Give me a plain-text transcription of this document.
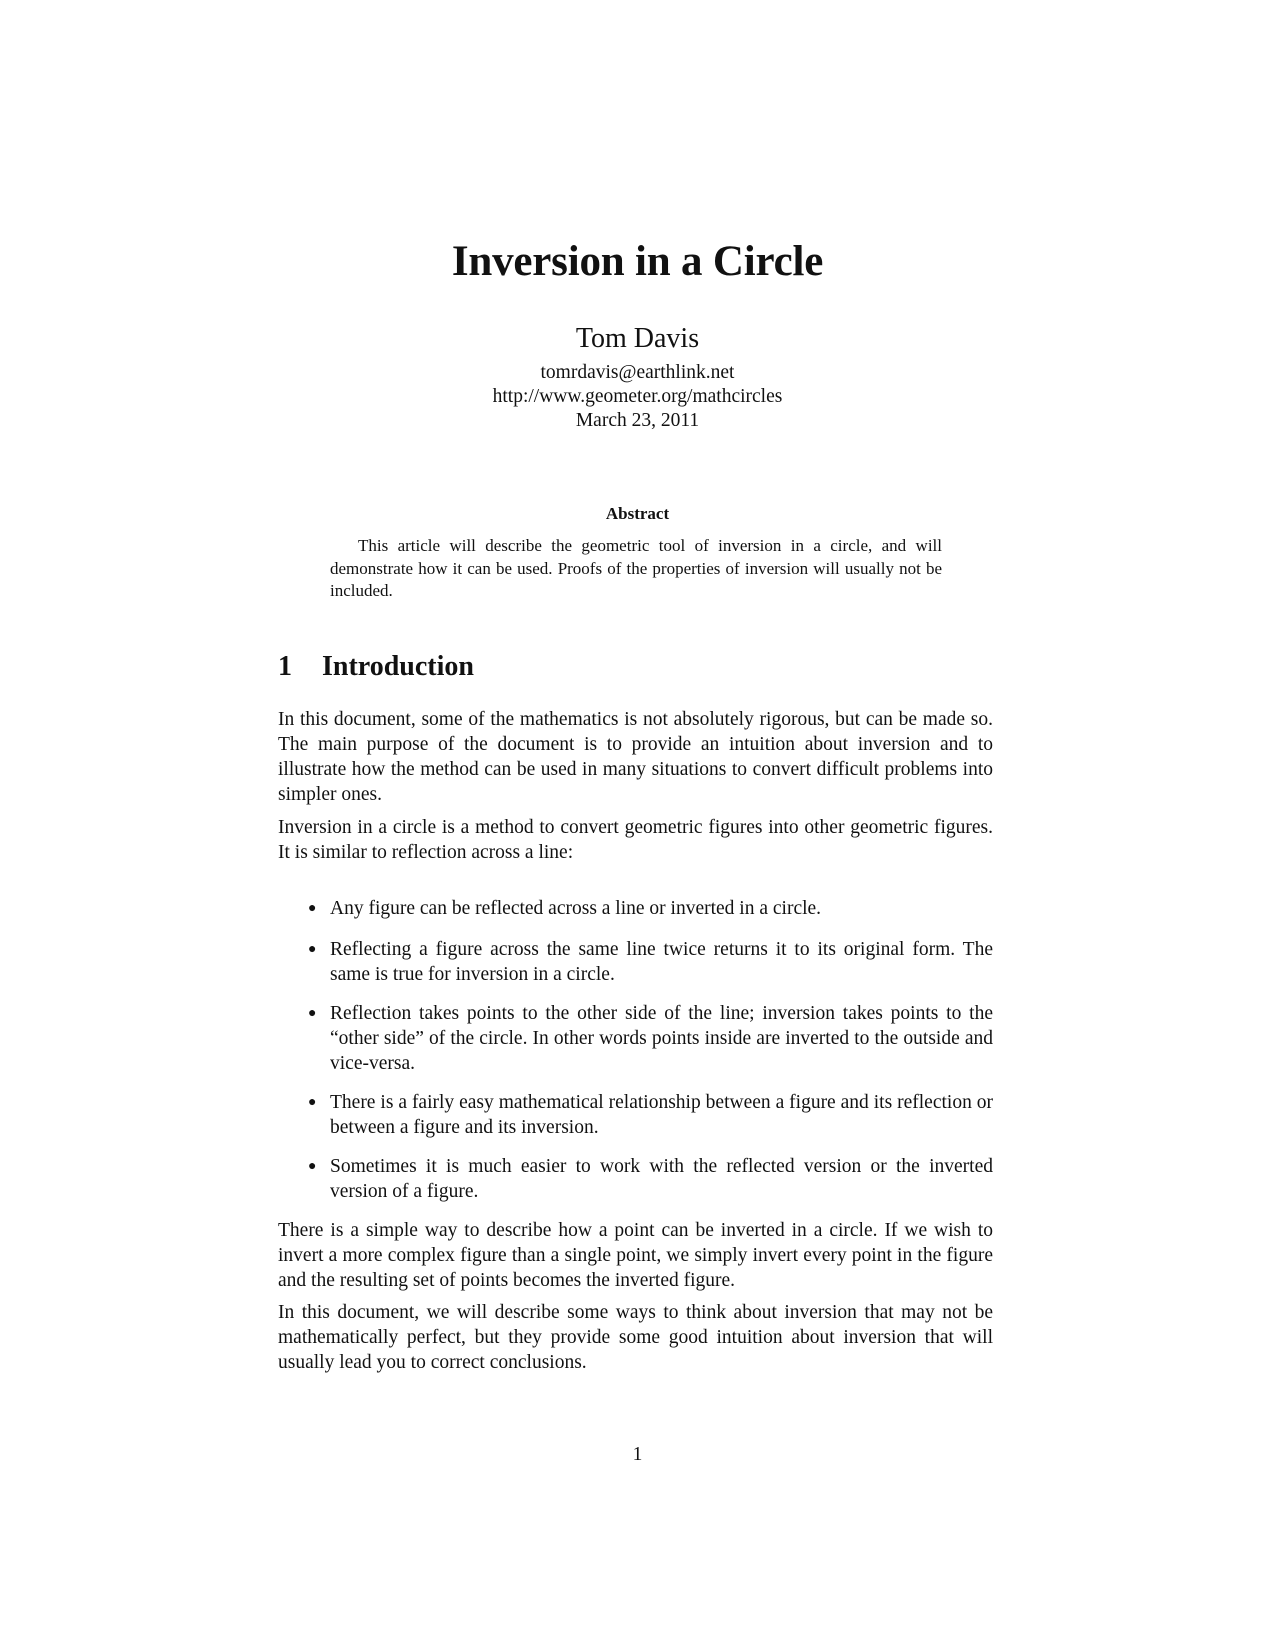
Inversion in a Circle
Tom Davis
tomrdavis@earthlink.net
http://www.geometer.org/mathcircles
March 23, 2011
Abstract
This article will describe the geometric tool of inversion in a circle, and will demonstrate how it can be used. Proofs of the properties of inversion will usually not be included.
1 Introduction

In this document, some of the mathematics is not absolutely rigorous, but can be made so. The main purpose of the document is to provide an intuition about inversion and to illustrate how the method can be used in many situations to convert difficult problems into simpler ones.

Inversion in a circle is a method to convert geometric figures into other geometric figures. It is similar to reflection across a line:

● Any figure can be reflected across a line or inverted in a circle.
● Reflecting a figure across the same line twice returns it to its original form. The same is true for inversion in a circle.
● Reflection takes points to the other side of the line; inversion takes points to the “other side” of the circle. In other words points inside are inverted to the outside and vice-versa.
● There is a fairly easy mathematical relationship between a figure and its reflection or between a figure and its inversion.
● Sometimes it is much easier to work with the reflected version or the inverted version of a figure.

There is a simple way to describe how a point can be inverted in a circle. If we wish to invert a more complex figure than a single point, we simply invert every point in the figure and the resulting set of points becomes the inverted figure.

In this document, we will describe some ways to think about inversion that may not be mathematically perfect, but they provide some good intuition about inversion that will usually lead you to correct conclusions.

1
